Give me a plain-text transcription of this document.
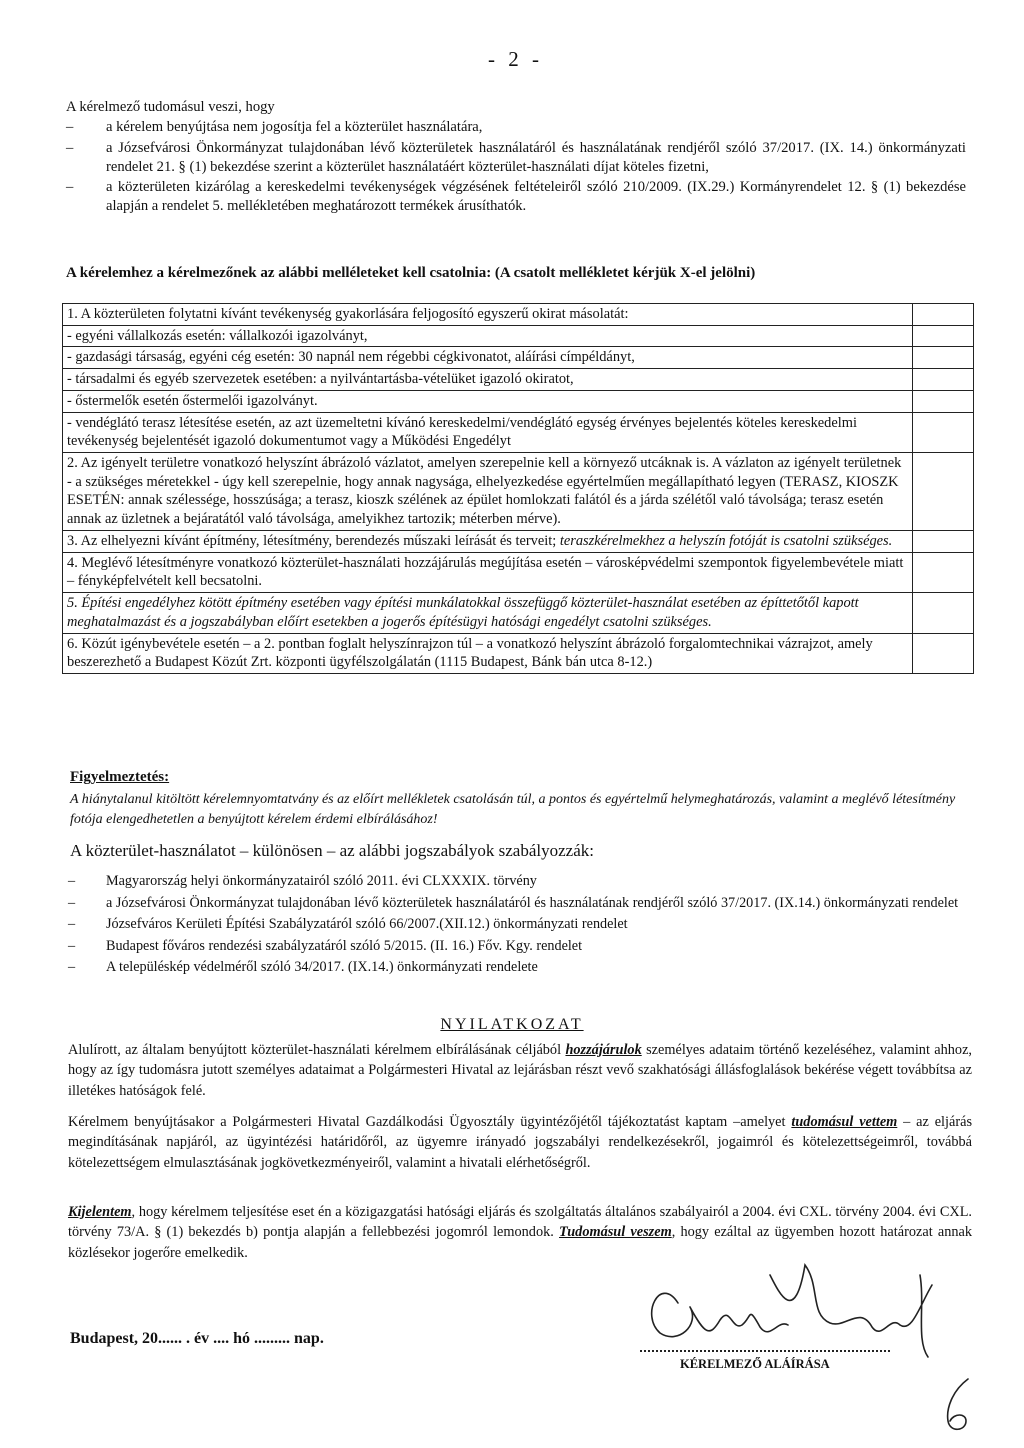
- 2 -
A kérelmező tudomásul veszi, hogy
– a kérelem benyújtása nem jogosítja fel a közterület használatára,
– a Józsefvárosi Önkormányzat tulajdonában lévő közterületek használatáról és használatának rendjéről szóló 37/2017. (IX. 14.) önkormányzati rendelet 21. § (1) bekezdése szerint a közterület használatáért közterület-használati díjat köteles fizetni,
– a közterületen kizárólag a kereskedelmi tevékenységek végzésének feltételeiről szóló 210/2009. (IX.29.) Kormányrendelet 12. § (1) bekezdése alapján a rendelet 5. mellékletében meghatározott termékek árusíthatók.
A kérelemhez a kérelmezőnek az alábbi melléleteket kell csatolnia: (A csatolt mellékletet kérjük X-el jelölni)
1. A közterületen folytatni kívánt tevékenység gyakorlására feljogosító egyszerű okirat másolatát:	
- egyéni vállalkozás esetén: vállalkozói igazolványt,	
- gazdasági társaság, egyéni cég esetén: 30 napnál nem régebbi cégkivonatot, aláírási címpéldányt,	
- társadalmi és egyéb szervezetek esetében: a nyilvántartásba-vételüket igazoló okiratot,	
- őstermelők esetén őstermelői igazolványt.	
- vendéglátó terasz létesítése esetén, az azt üzemeltetni kívánó kereskedelmi/vendéglátó egység érvényes bejelentés köteles kereskedelmi tevékenység bejelentését igazoló dokumentumot vagy a Működési Engedélyt	
2. Az igényelt területre vonatkozó helyszínt ábrázoló vázlatot, amelyen szerepelnie kell a környező utcáknak is. A vázlaton az igényelt területnek - a szükséges méretekkel - úgy kell szerepelnie, hogy annak nagysága, elhelyezkedése egyértelműen megállapítható legyen (TERASZ, KIOSZK ESETÉN: annak szélessége, hosszúsága; a terasz, kioszk szélének az épület homlokzati falától és a járda szélétől való távolsága; terasz esetén annak az üzletnek a bejáratától való távolsága, amelyikhez tartozik; méterben mérve).	
3. Az elhelyezni kívánt építmény, létesítmény, berendezés műszaki leírását és terveit; teraszkérelmekhez a helyszín fotóját is csatolni szükséges.	
4. Meglévő létesítményre vonatkozó közterület-használati hozzájárulás megújítása esetén – városképvédelmi szempontok figyelembevétele miatt – fényképfelvételt kell becsatolni.	
5. Építési engedélyhez kötött építmény esetében vagy építési munkálatokkal összefüggő közterület-használat esetében az építtetőtől kapott meghatalmazást és a jogszabályban előírt esetekben a jogerős építésügyi hatósági engedélyt csatolni szükséges.	
6. Közút igénybevétele esetén – a 2. pontban foglalt helyszínrajzon túl – a vonatkozó helyszínt ábrázoló forgalomtechnikai vázrajzot, amely beszerezhető a Budapest Közút Zrt. központi ügyfélszolgálatán (1115 Budapest, Bánk bán utca 8-12.)	
Figyelmeztetés:
A hiánytalanul kitöltött kérelemnyomtatvány és az előírt mellékletek csatolásán túl, a pontos és egyértelmű helymeghatározás, valamint a meglévő létesítmény fotója elengedhetetlen a benyújtott kérelem érdemi elbírálásához!
A közterület-használatot – különösen – az alábbi jogszabályok szabályozzák:
– Magyarország helyi önkormányzatairól szóló 2011. évi CLXXXIX. törvény
– a Józsefvárosi Önkormányzat tulajdonában lévő közterületek használatáról és használatának rendjéről szóló 37/2017. (IX.14.) önkormányzati rendelet
– Józsefváros Kerületi Építési Szabályzatáról szóló 66/2007.(XII.12.) önkormányzati rendelet
– Budapest főváros rendezési szabályzatáról szóló 5/2015. (II. 16.) Főv. Kgy. rendelet
– A településkép védelméről szóló 34/2017. (IX.14.) önkormányzati rendelete
NYILATKOZAT
Alulírott, az általam benyújtott közterület-használati kérelmem elbírálásának céljából hozzájárulok személyes adataim történő kezeléséhez, valamint ahhoz, hogy az így tudomásra jutott személyes adataimat a Polgármesteri Hivatal az lejárásban részt vevő szakhatósági állásfoglalások bekérése végett továbbítsa az illetékes hatóságok felé.
Kérelmem benyújtásakor a Polgármesteri Hivatal Gazdálkodási Ügyosztály ügyintézőjétől tájékoztatást kaptam –amelyet tudomásul vettem – az eljárás megindításának napjáról, az ügyintézési határidőről, az ügyemre irányadó jogszabályi rendelkezésekről, jogaimról és kötelezettségeimről, továbbá kötelezettségem elmulasztásának jogkövetkezményeiről, valamint a hivatali elérhetőségről.
Kijelentem, hogy kérelmem teljesítése eset én a közigazgatási hatósági eljárás és szolgáltatás általános szabályairól a 2004. évi CXL. törvény 2004. évi CXL. törvény 73/A. § (1) bekezdés b) pontja alapján a fellebbezési jogomról lemondok. Tudomásul veszem, hogy ezáltal az ügyemben hozott határozat annak közlésekor jogerőre emelkedik.
Budapest, 20...... . év .... hó ......... nap.
KÉRELMEZŐ ALÁÍRÁSA
